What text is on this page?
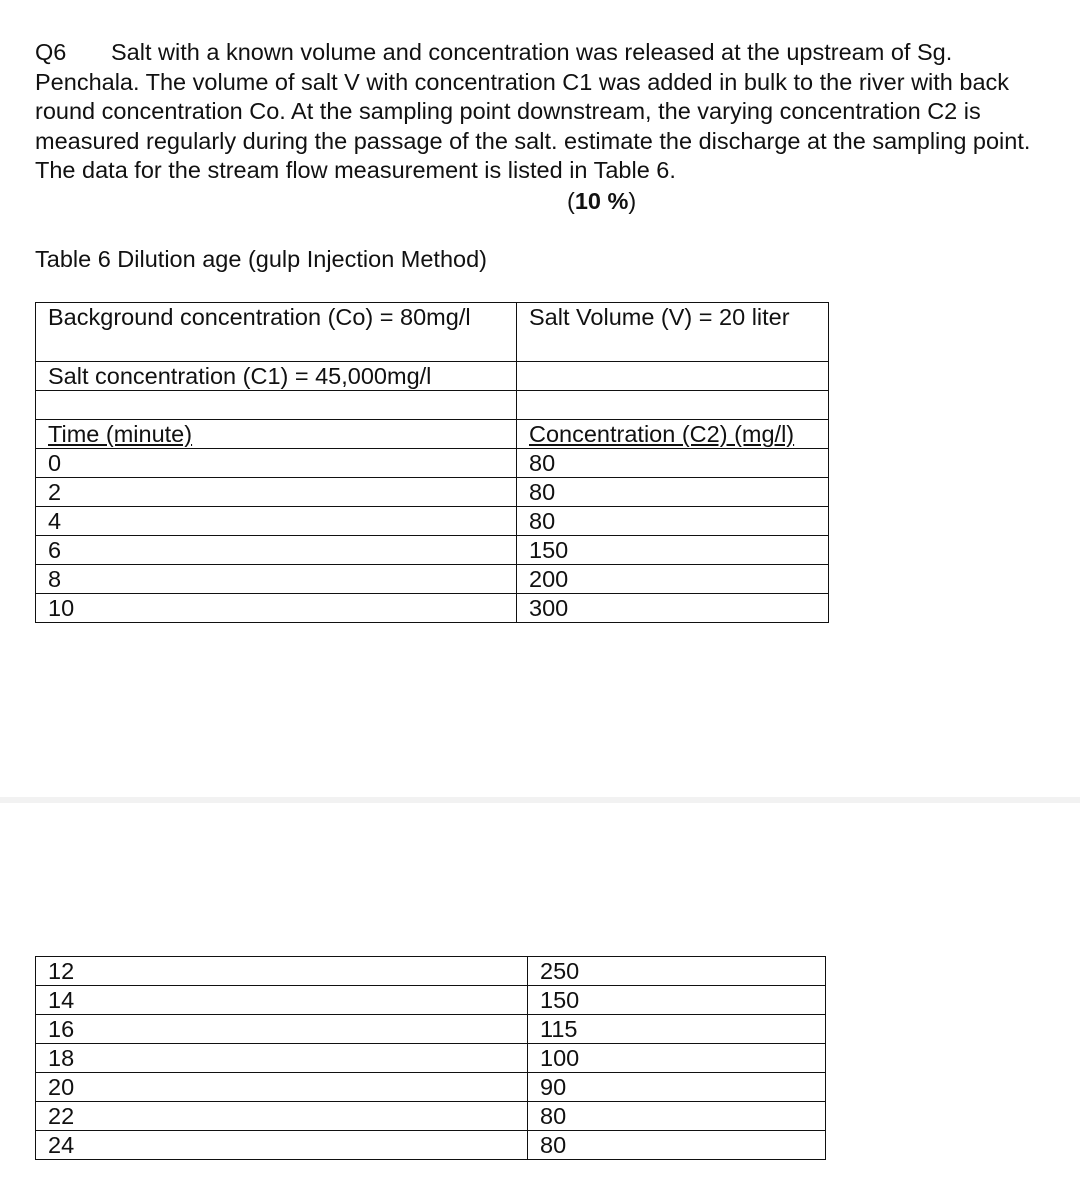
Q6 Salt with a known volume and concentration was released at the upstream of Sg. Penchala. The volume of salt V with concentration C1 was added in bulk to the river with back round concentration Co. At the sampling point downstream, the varying concentration C2 is measured regularly during the passage of the salt. estimate the discharge at the sampling point. The data for the stream flow measurement is listed in Table 6.
(10 %)
Table 6 Dilution age (gulp Injection Method)
Background concentration (Co) = 80mg/l	Salt Volume (V) = 20 liter
Salt concentration (C1) = 45,000mg/l	

Time (minute)	Concentration (C2) (mg/l)
0	80
2	80
4	80
6	150
8	200
10	300
12	250
14	150
16	115
18	100
20	90
22	80
24	80
